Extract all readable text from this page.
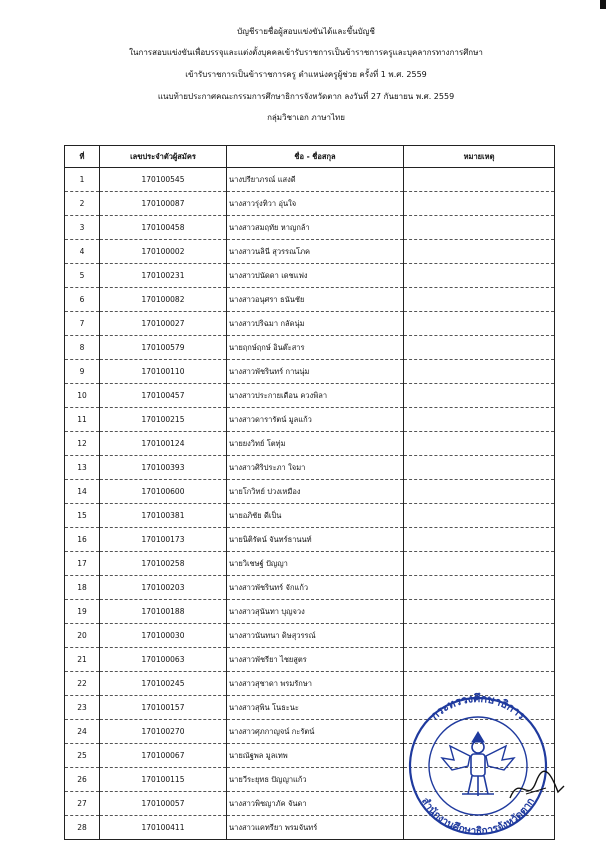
บัญชีรายชื่อผู้สอบแข่งขันได้และขึ้นบัญชี
ในการสอบแข่งขันเพื่อบรรจุและแต่งตั้งบุคคลเข้ารับราชการเป็นข้าราชการครูและบุคลากรทางการศึกษา
เข้ารับราชการเป็นข้าราชการครู ตำแหน่งครูผู้ช่วย ครั้งที่ 1 พ.ศ. 2559
แนบท้ายประกาศคณะกรรมการศึกษาธิการจังหวัดตาก ลงวันที่ 27 กันยายน พ.ศ. 2559
กลุ่มวิชาเอก ภาษาไทย
ที่	เลขประจำตัวผู้สมัคร	ชื่อ - ชื่อสกุล	หมายเหตุ
1	170100545	นางปรียาภรณ์ แสงดี	
2	170100087	นางสาวรุ่งทิวา อุ่นใจ	
3	170100458	นางสาวสมฤทัย หาญกล้า	
4	170100002	นางสาวนลินี สุวรรณโภค	
5	170100231	นางสาวปนัดดา เดชแฟง	
6	170100082	นางสาวอนุศรา ธนันชัย	
7	170100027	นางสาวปริฉมา กลัดนุ่ม	
8	170100579	นายฤกษ์ฤกษ์ อินต๊ะสาร	
9	170100110	นางสาวพัชรินทร์ กานนุ่ม	
10	170100457	นางสาวประกายเดือน ควงพิลา	
11	170100215	นางสาวดารารัตน์ มูลแก้ว	
12	170100124	นายยงวิทย์ โตทุ่ม	
13	170100393	นางสาวศิริประภา ใจมา	
14	170100600	นายโกวิทย์ ปวงเหมือง	
15	170100381	นายอภิชัย ดีเป็น	
16	170100173	นายนิติรัตน์ จันทร์ธานนท์	
17	170100258	นายวิเชษฐ์ ปัญญา	
18	170100203	นางสาวพัชรินทร์ จักแก้ว	
19	170100188	นางสาวสุนันทา บุญจวง	
20	170100030	นางสาวนันทนา ดิษสุวรรณ์	
21	170100063	นางสาวพัชรียา ไชยสูตร	
22	170100245	นางสาวสุชาดา พรมรักษา	
23	170100157	นางสาวสุพิน โนธะนะ	
24	170100270	นางสาวศุภกาญจน์ กะรัตน์	
25	170100067	นายณัฐพล มูลเทพ	
26	170100115	นายวีระยุทธ ปัญญาแก้ว	
27	170100057	นางสาวพิชญาภัค จันดา	
28	170100411	นางสาวแคทรียา พรมจันทร์	
กระทรวงศึกษาธิการ
สำนักงานศึกษาธิการจังหวัดตาก
